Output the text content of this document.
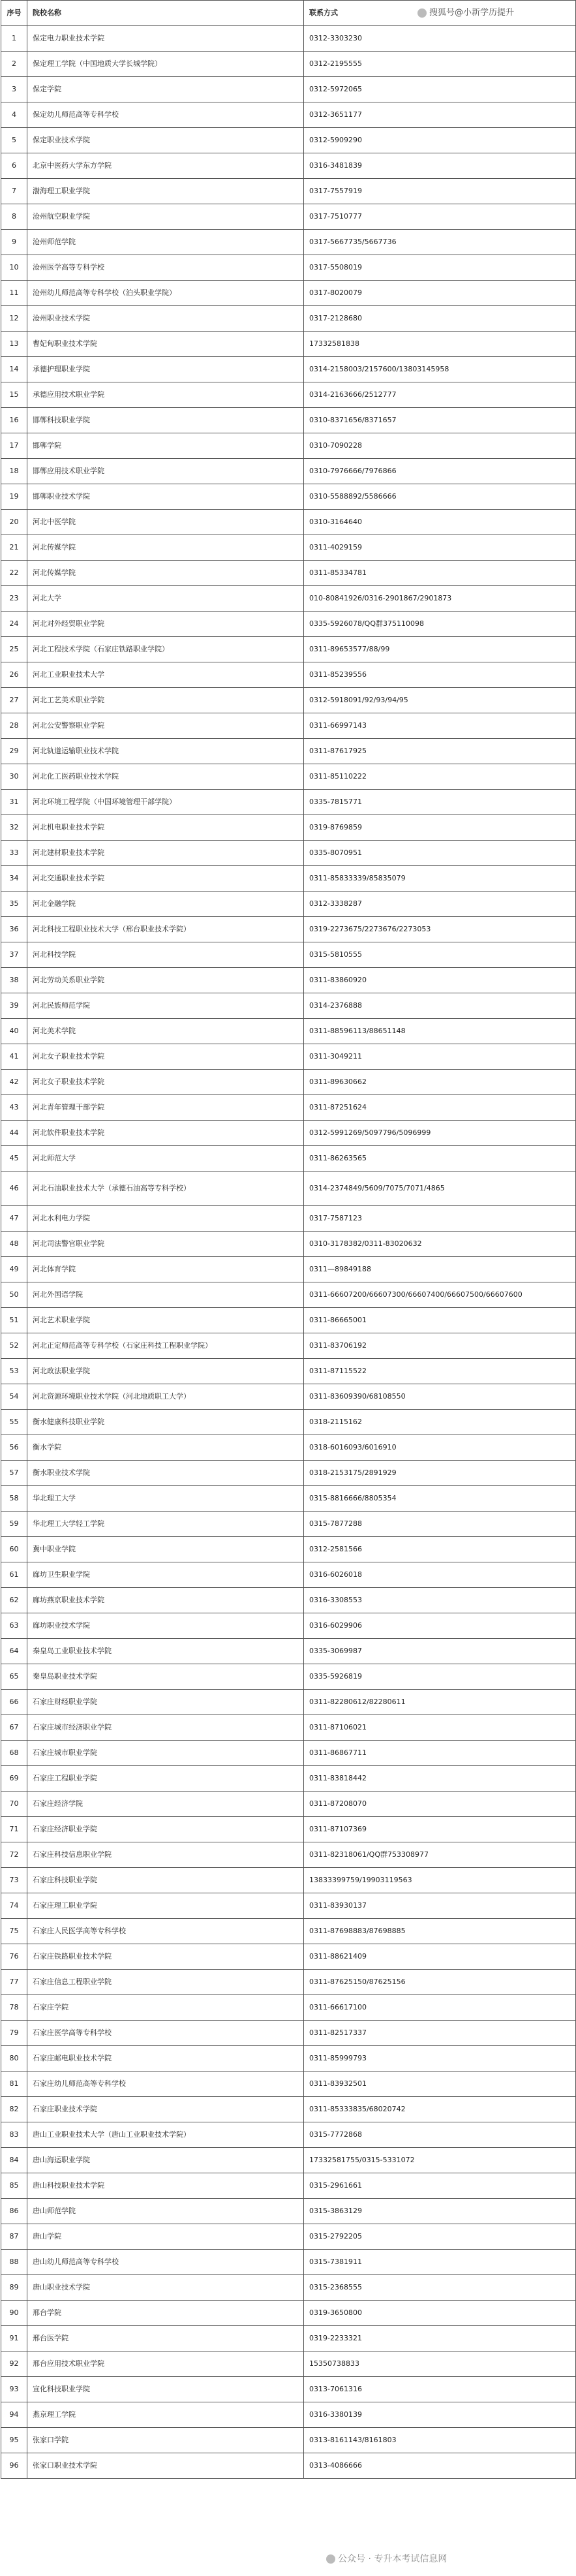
搜狐号@小新学历提升
序号	院校名称	联系方式
1	保定电力职业技术学院	0312-3303230
2	保定理工学院（中国地质大学长城学院）	0312-2195555
3	保定学院	0312-5972065
4	保定幼儿师范高等专科学校	0312-3651177
5	保定职业技术学院	0312-5909290
6	北京中医药大学东方学院	0316-3481839
7	渤海理工职业学院	0317-7557919
8	沧州航空职业学院	0317-7510777
9	沧州师范学院	0317-5667735/5667736
10	沧州医学高等专科学校	0317-5508019
11	沧州幼儿师范高等专科学校（泊头职业学院）	0317-8020079
12	沧州职业技术学院	0317-2128680
13	曹妃甸职业技术学院	17332581838
14	承德护理职业学院	0314-2158003/2157600/13803145958
15	承德应用技术职业学院	0314-2163666/2512777
16	邯郸科技职业学院	0310-8371656/8371657
17	邯郸学院	0310-7090228
18	邯郸应用技术职业学院	0310-7976666/7976866
19	邯郸职业技术学院	0310-5588892/5586666
20	河北中医学院	0310-3164640
21	河北传媒学院	0311-4029159
22	河北传媒学院	0311-85334781
23	河北大学	010-80841926/0316-2901867/2901873
24	河北对外经贸职业学院	0335-5926078/QQ群375110098
25	河北工程技术学院（石家庄铁路职业学院）	0311-89653577/88/99
26	河北工业职业技术大学	0311-85239556
27	河北工艺美术职业学院	0312-5918091/92/93/94/95
28	河北公安警察职业学院	0311-66997143
29	河北轨道运输职业技术学院	0311-87617925
30	河北化工医药职业技术学院	0311-85110222
31	河北环境工程学院（中国环境管理干部学院）	0335-7815771
32	河北机电职业技术学院	0319-8769859
33	河北建材职业技术学院	0335-8070951
34	河北交通职业技术学院	0311-85833339/85835079
35	河北金融学院	0312-3338287
36	河北科技工程职业技术大学（邢台职业技术学院）	0319-2273675/2273676/2273053
37	河北科技学院	0315-5810555
38	河北劳动关系职业学院	0311-83860920
39	河北民族师范学院	0314-2376888
40	河北美术学院	0311-88596113/88651148
41	河北女子职业技术学院	0311-3049211
42	河北女子职业技术学院	0311-89630662
43	河北青年管理干部学院	0311-87251624
44	河北软件职业技术学院	0312-5991269/5097796/5096999
45	河北师范大学	0311-86263565
46	河北石油职业技术大学（承德石油高等专科学校）	0314-2374849/5609/7075/7071/4865
47	河北水利电力学院	0317-7587123
48	河北司法警官职业学院	0310-3178382/0311-83020632
49	河北体育学院	0311—89849188
50	河北外国语学院	0311-66607200/66607300/66607400/66607500/66607600
51	河北艺术职业学院	0311-86665001
52	河北正定师范高等专科学校（石家庄科技工程职业学院）	0311-83706192
53	河北政法职业学院	0311-87115522
54	河北资源环境职业技术学院（河北地质职工大学）	0311-83609390/68108550
55	衡水健康科技职业学院	0318-2115162
56	衡水学院	0318-6016093/6016910
57	衡水职业技术学院	0318-2153175/2891929
58	华北理工大学	0315-8816666/8805354
59	华北理工大学轻工学院	0315-7877288
60	冀中职业学院	0312-2581566
61	廊坊卫生职业学院	0316-6026018
62	廊坊燕京职业技术学院	0316-3308553
63	廊坊职业技术学院	0316-6029906
64	秦皇岛工业职业技术学院	0335-3069987
65	秦皇岛职业技术学院	0335-5926819
66	石家庄财经职业学院	0311-82280612/82280611
67	石家庄城市经济职业学院	0311-87106021
68	石家庄城市职业学院	0311-86867711
69	石家庄工程职业学院	0311-83818442
70	石家庄经济学院	0311-87208070
71	石家庄经济职业学院	0311-87107369
72	石家庄科技信息职业学院	0311-82318061/QQ群753308977
73	石家庄科技职业学院	13833399759/19903119563
74	石家庄理工职业学院	0311-83930137
75	石家庄人民医学高等专科学校	0311-87698883/87698885
76	石家庄铁路职业技术学院	0311-88621409
77	石家庄信息工程职业学院	0311-87625150/87625156
78	石家庄学院	0311-66617100
79	石家庄医学高等专科学校	0311-82517337
80	石家庄邮电职业技术学院	0311-85999793
81	石家庄幼儿师范高等专科学校	0311-83932501
82	石家庄职业技术学院	0311-85333835/68020742
83	唐山工业职业技术大学（唐山工业职业技术学院）	0315-7772868
84	唐山海运职业学院	17332581755/0315-5331072
85	唐山科技职业技术学院	0315-2961661
86	唐山师范学院	0315-3863129
87	唐山学院	0315-2792205
88	唐山幼儿师范高等专科学校	0315-7381911
89	唐山职业技术学院	0315-2368555
90	邢台学院	0319-3650800
91	邢台医学院	0319-2233321
92	邢台应用技术职业学院	15350738833
93	宣化科技职业学院	0313-7061316
94	燕京理工学院	0316-3380139
95	张家口学院	0313-8161143/8161803
96	张家口职业技术学院	0313-4086666
公众号 · 专升本考试信息网
